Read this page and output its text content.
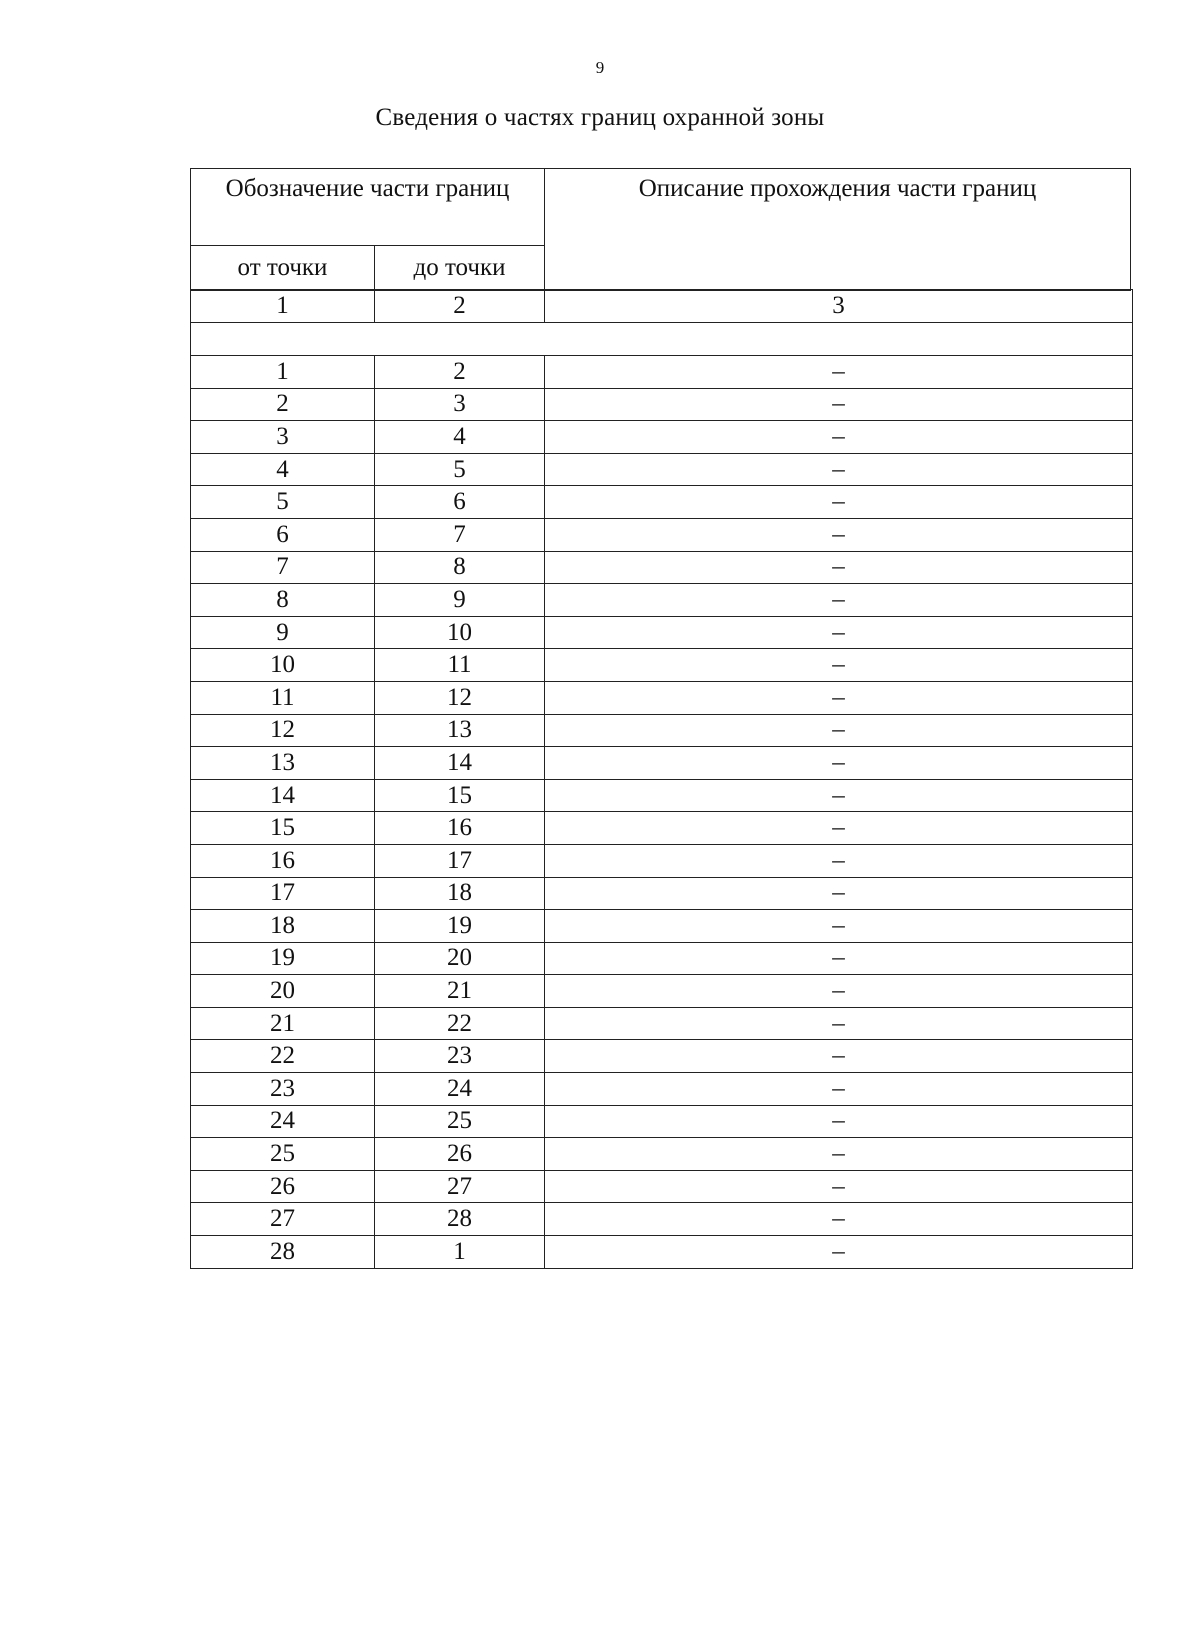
9
Сведения о частях границ охранной зоны
Обозначение части границ		Описание прохождения части границ
от точки	до точки	
1	2	3

1	2	–
2	3	–
3	4	–
4	5	–
5	6	–
6	7	–
7	8	–
8	9	–
9	10	–
10	11	–
11	12	–
12	13	–
13	14	–
14	15	–
15	16	–
16	17	–
17	18	–
18	19	–
19	20	–
20	21	–
21	22	–
22	23	–
23	24	–
24	25	–
25	26	–
26	27	–
27	28	–
28	1	–
